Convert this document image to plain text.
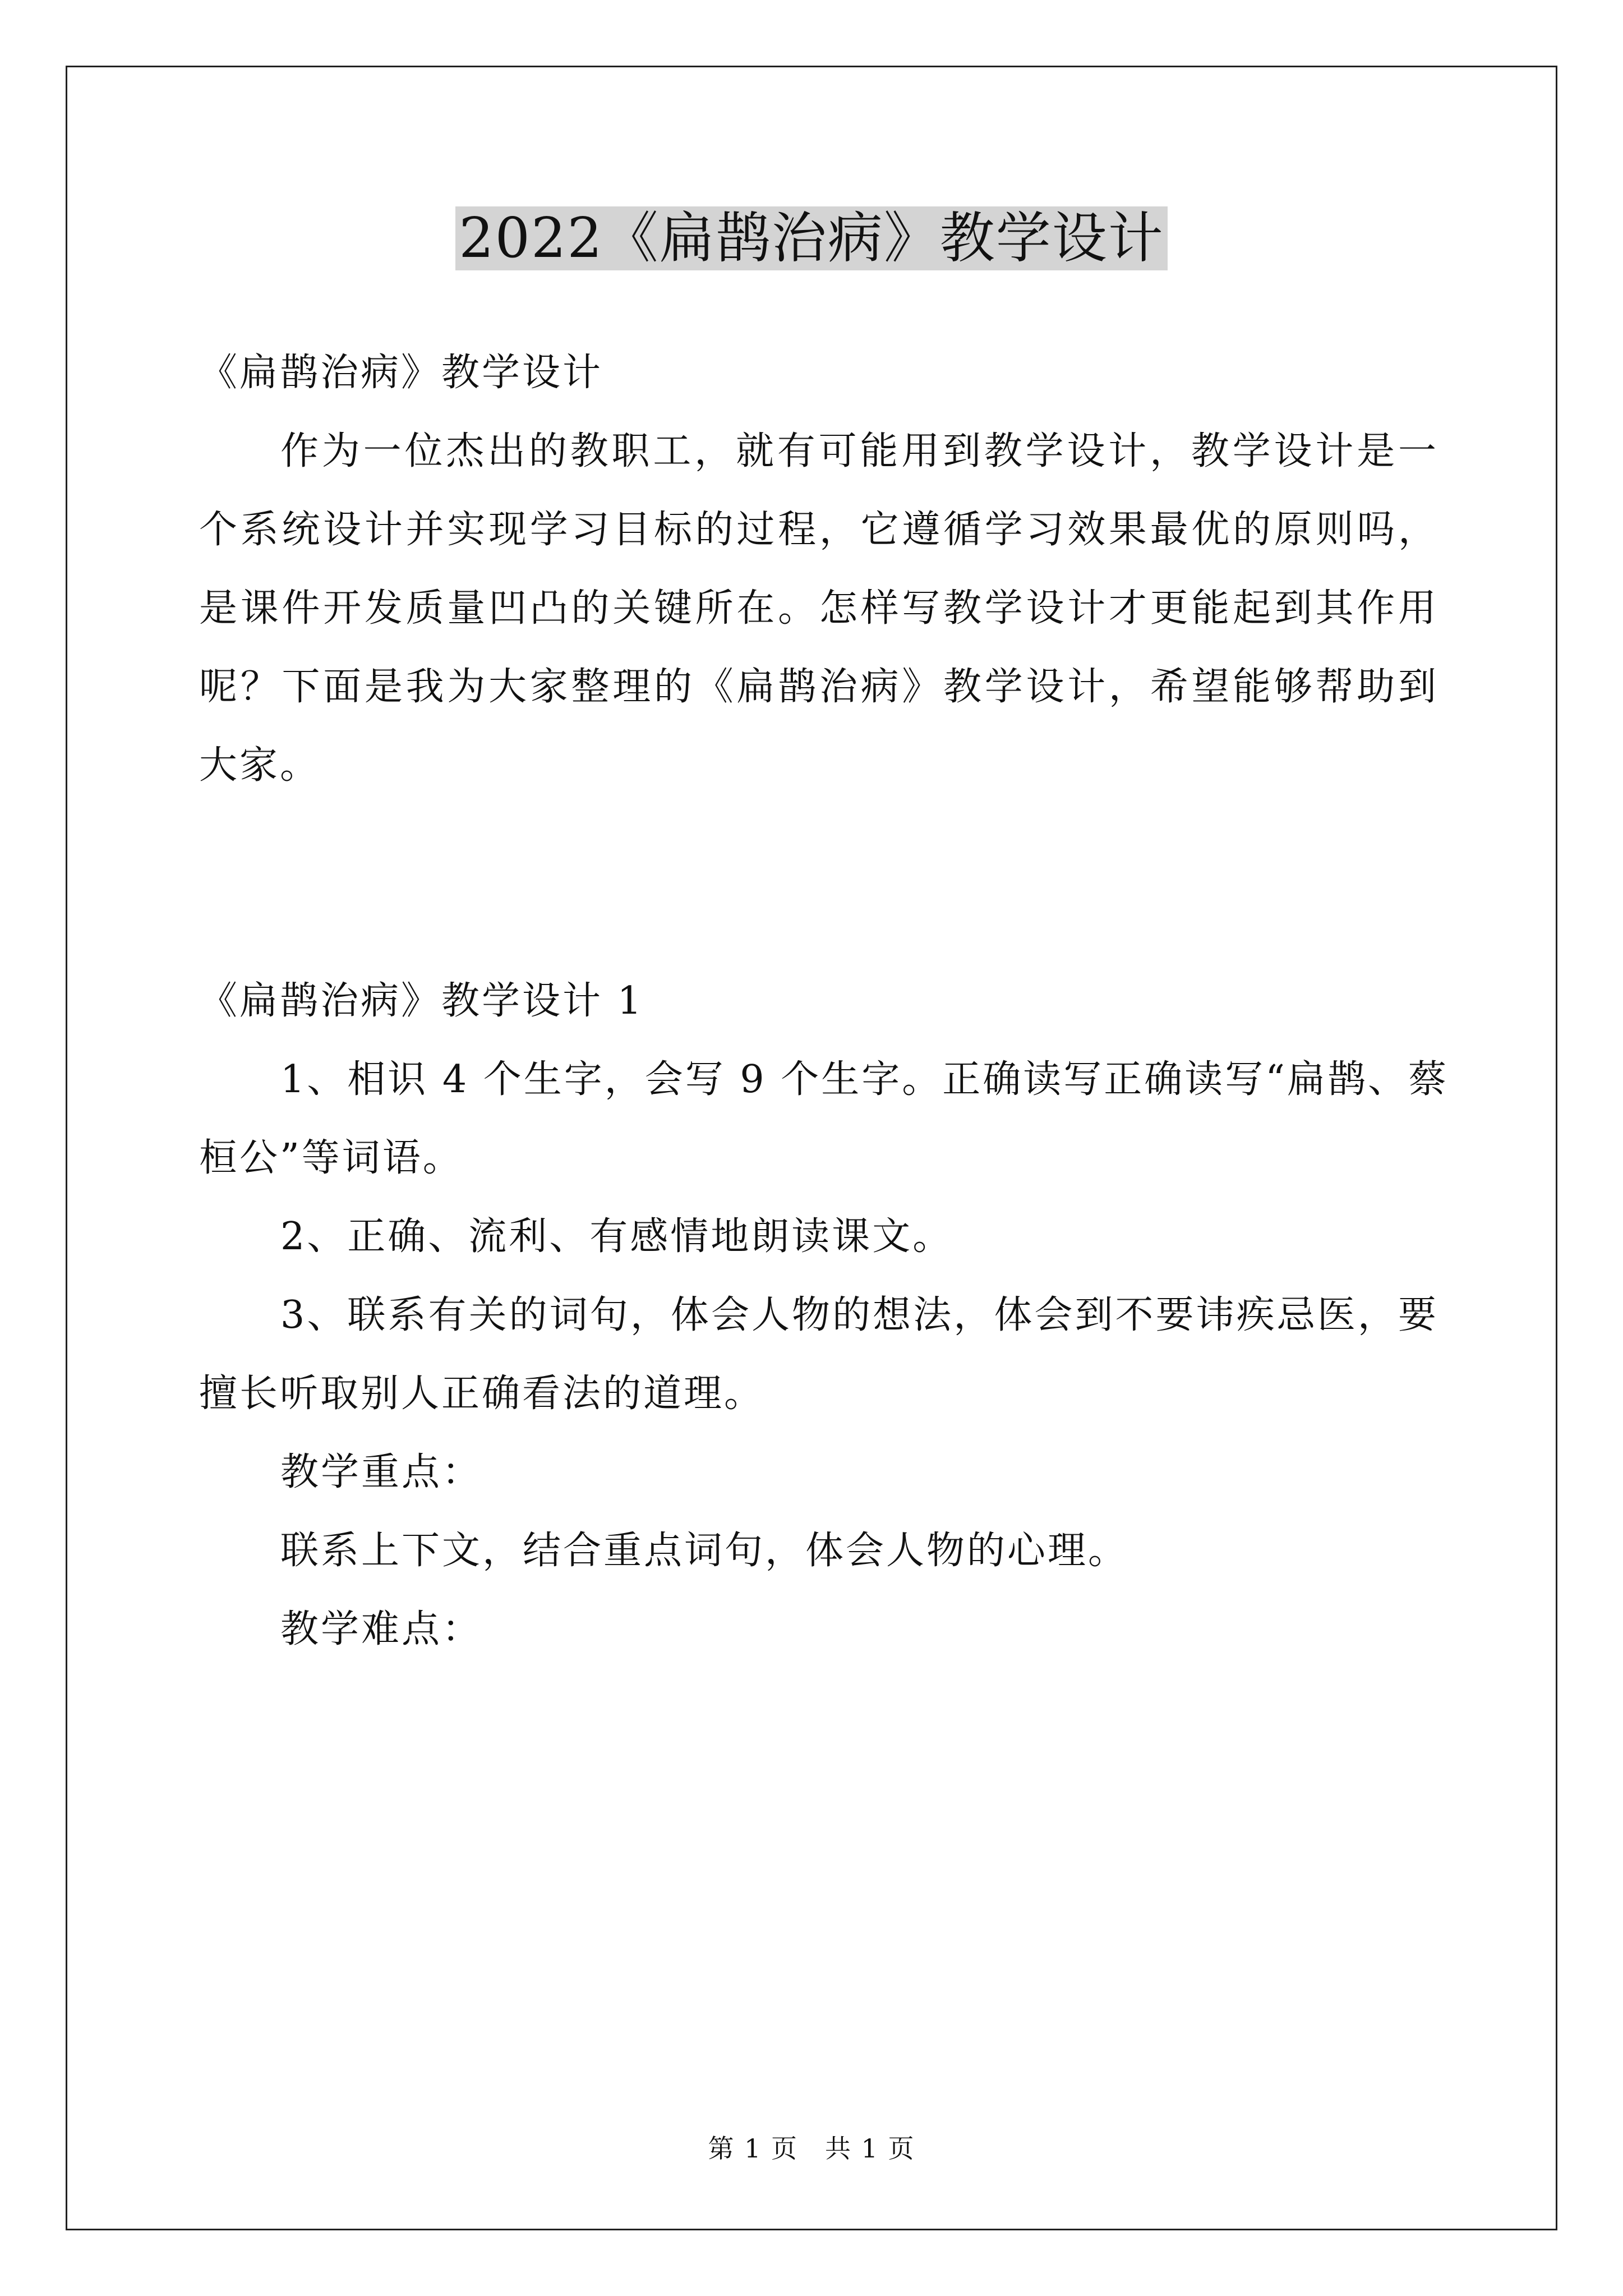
2022《扁鹊治病》教学设计

《扁鹊治病》教学设计

作为一位杰出的教职工，就有可能用到教学设计，教学设计是一

个系统设计并实现学习目标的过程，它遵循学习效果最优的原则吗，

是课件开发质量凹凸的关键所在。怎样写教学设计才更能起到其作用

呢？下面是我为大家整理的《扁鹊治病》教学设计，希望能够帮助到

大家。

《扁鹊治病》教学设计 1

1、相识 4 个生字，会写 9 个生字。正确读写正确读写“扁鹊、蔡

桓公”等词语。

2、正确、流利、有感情地朗读课文。

3、联系有关的词句，体会人物的想法，体会到不要讳疾忌医，要

擅长听取别人正确看法的道理。

教学重点：

联系上下文，结合重点词句，体会人物的心理。

教学难点：

第 1 页　共 1 页
